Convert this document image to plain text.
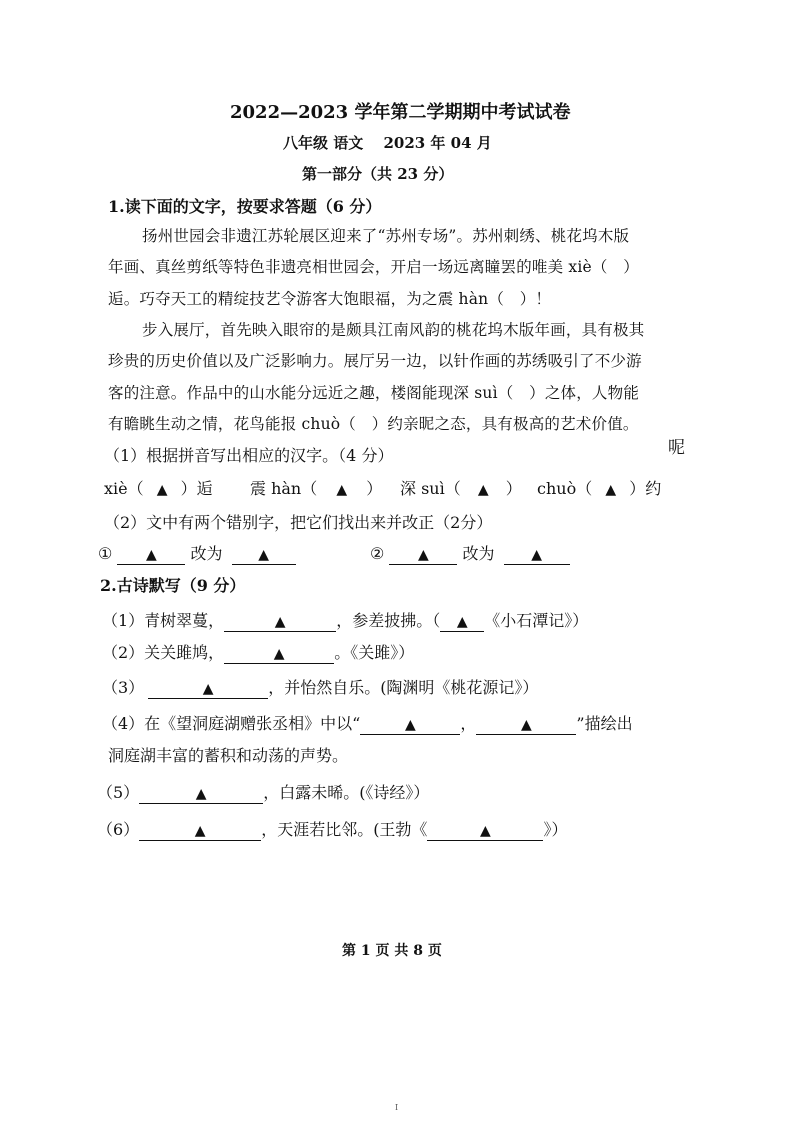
2022—2023 学年第二学期期中考试试卷
八年级 语文　 2023 年 04 月
第一部分（共 23 分）
1.读下面的文字，按要求答题（6 分）
扬州世园会非遗江苏轮展区迎来了“苏州专场”。苏州刺绣、桃花坞木版
年画、真丝剪纸等特色非遗亮相世园会，开启一场远离瞳罢的唯美 xiè（　）
逅。巧夺天工的精绽技艺令游客大饱眼福，为之震 hàn（　）！
步入展厅，首先映入眼帘的是颇具江南风韵的桃花坞木版年画，具有极其
珍贵的历史价值以及广泛影响力。展厅另一边，以针作画的苏绣吸引了不少游
客的注意。作品中的山水能分远近之趣，楼阁能现深 suì（　）之体，人物能
有瞻眺生动之情，花鸟能报 chuò（　）约亲昵之态，具有极高的艺术价值。
呢
（1）根据拼音写出相应的汉字。（4 分）
xiè（ ▲ ）逅 震 hàn（ ▲ ） 深 suì（ ▲ ） chuò（ ▲ ）约
（2）文中有两个错别字，把它们找出来并改正（2分）
① ▲ 改为	▲	② ▲ 改为	▲
2.古诗默写（9 分）
（1）青树翠蔓，	▲	，参差披拂。（ ▲ 《小石潭记》）
（2）关关雎鸠，	▲	。《关雎》）
（3）	▲	，并怡然自乐。(陶渊明《桃花源记》）
（4）在《望洞庭湖赠张丞相》中以“	▲	，	▲	”描绘出
洞庭湖丰富的蓄积和动荡的声势。
（5）	▲	，白露未晞。(《诗经》）
（6）	▲	，天涯若比邻。(王勃《	▲	》）
第 1 页 共 8 页
I
